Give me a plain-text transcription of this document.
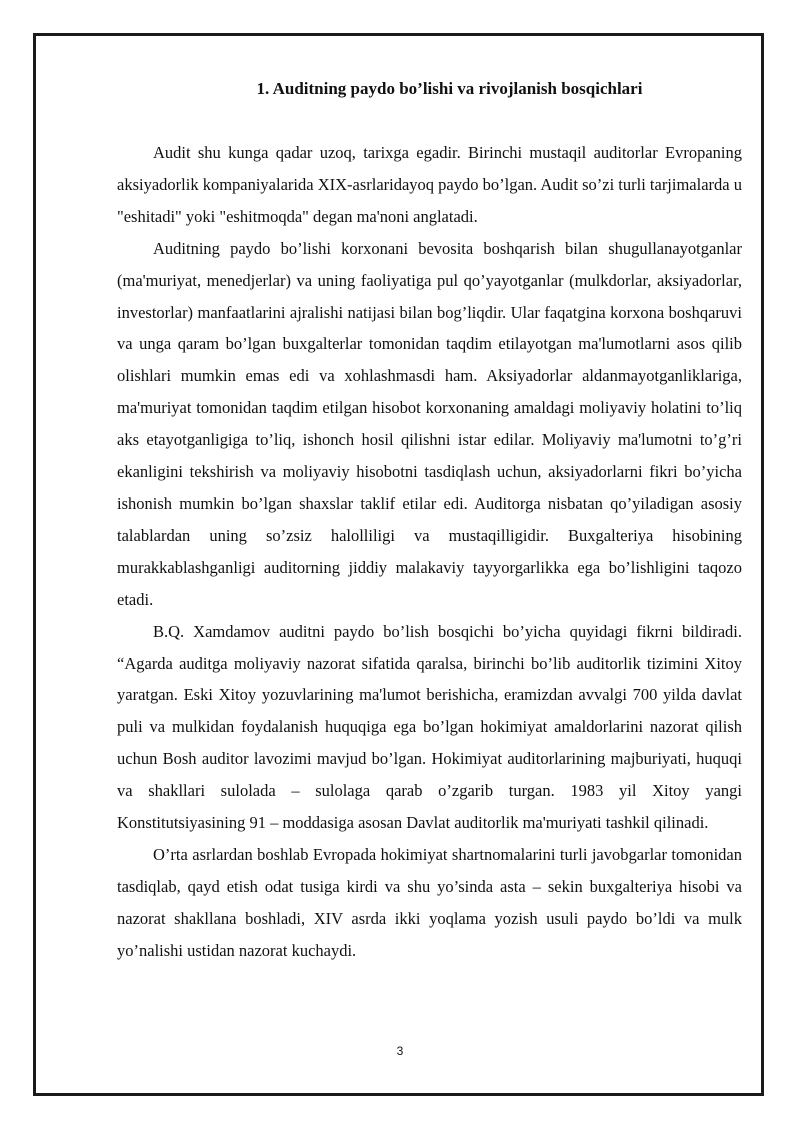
1. Auditning paydo bo’lishi va rivojlanish bosqichlari

Audit shu kunga qadar uzoq, tarixga egadir. Birinchi mustaqil auditorlar Evropaning aksiyadorlik kompaniyalarida XIX-asrlaridayoq paydo bo’lgan. Audit so’zi turli tarjimalarda u "eshitadi" yoki "eshitmoqda" degan ma'noni anglatadi.

Auditning paydo bo’lishi korxonani bevosita boshqarish bilan shugullanayotganlar (ma'muriyat, menedjerlar) va uning faoliyatiga pul qo’yayotganlar (mulkdorlar, aksiyadorlar, investorlar) manfaatlarini ajralishi natijasi bilan bog’liqdir. Ular faqatgina korxona boshqaruvi va unga qaram bo’lgan buxgalterlar tomonidan taqdim etilayotgan ma'lumotlarni asos qilib olishlari mumkin emas edi va xohlashmasdi ham. Aksiyadorlar aldanmayotganliklariga, ma'muriyat tomonidan taqdim etilgan hisobot korxonaning amaldagi moliyaviy holatini to’liq aks etayotganligiga to’liq, ishonch hosil qilishni istar edilar. Moliyaviy ma'lumotni to’g’ri ekanligini tekshirish va moliyaviy hisobotni tasdiqlash uchun, aksiyadorlarni fikri bo’yicha ishonish mumkin bo’lgan shaxslar taklif etilar edi. Auditorga nisbatan qo’yiladigan asosiy talablardan uning so’zsiz halolliligi va mustaqilligidir. Buxgalteriya hisobining murakkablashganligi auditorning jiddiy malakaviy tayyorgarlikka ega bo’lishligini taqozo etadi.

B.Q. Xamdamov auditni paydo bo’lish bosqichi bo’yicha quyidagi fikrni bildiradi. “Agarda auditga moliyaviy nazorat sifatida qaralsa, birinchi bo’lib auditorlik tizimini Xitoy yaratgan. Eski Xitoy yozuvlarining ma'lumot berishicha, eramizdan avvalgi 700 yilda davlat puli va mulkidan foydalanish huquqiga ega bo’lgan hokimiyat amaldorlarini nazorat qilish uchun Bosh auditor lavozimi mavjud bo’lgan. Hokimiyat auditorlarining majburiyati, huquqi va shakllari sulolada – sulolaga qarab o’zgarib turgan. 1983 yil Xitoy yangi Konstitutsiyasining 91 – moddasiga asosan Davlat auditorlik ma'muriyati tashkil qilinadi.

O’rta asrlardan boshlab Evropada hokimiyat shartnomalarini turli javobgarlar tomonidan tasdiqlab, qayd etish odat tusiga kirdi va shu yo’sinda asta – sekin buxgalteriya hisobi va nazorat shakllana boshladi, XIV asrda ikki yoqlama yozish usuli paydo bo’ldi va mulk yo’nalishi ustidan nazorat kuchaydi.

3
